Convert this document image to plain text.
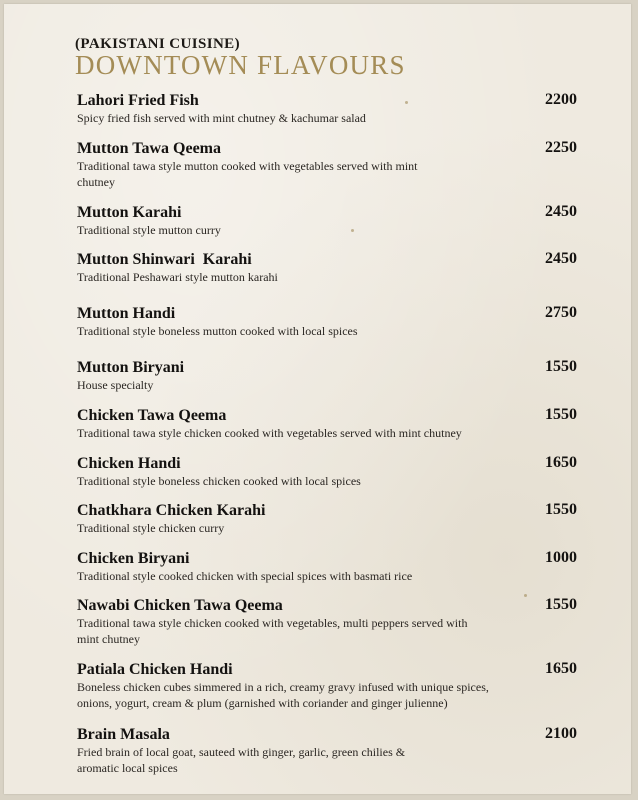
(PAKISTANI CUISINE)
DOWNTOWN FLAVOURS
Lahori Fried Fish
Spicy fried fish served with mint chutney & kachumar salad
2200
Mutton Tawa Qeema
Traditional tawa style mutton cooked with vegetables served with mint chutney
2250
Mutton Karahi
Traditional style mutton curry
2450
Mutton Shinwari  Karahi
Traditional Peshawari style mutton karahi
2450
Mutton Handi
Traditional style boneless mutton cooked with local spices
2750
Mutton Biryani
House specialty
1550
Chicken Tawa Qeema
Traditional tawa style chicken cooked with vegetables served with mint chutney
1550
Chicken Handi
Traditional style boneless chicken cooked with local spices
1650
Chatkhara Chicken Karahi
Traditional style chicken curry
1550
Chicken Biryani
Traditional style cooked chicken with special spices with basmati rice
1000
Nawabi Chicken Tawa Qeema
Traditional tawa style chicken cooked with vegetables, multi peppers served with mint chutney
1550
Patiala Chicken Handi
Boneless chicken cubes simmered in a rich, creamy gravy infused with unique spices, onions, yogurt, cream & plum (garnished with coriander and ginger julienne)
1650
Brain Masala
Fried brain of local goat, sauteed with ginger, garlic, green chilies & aromatic local spices
2100
